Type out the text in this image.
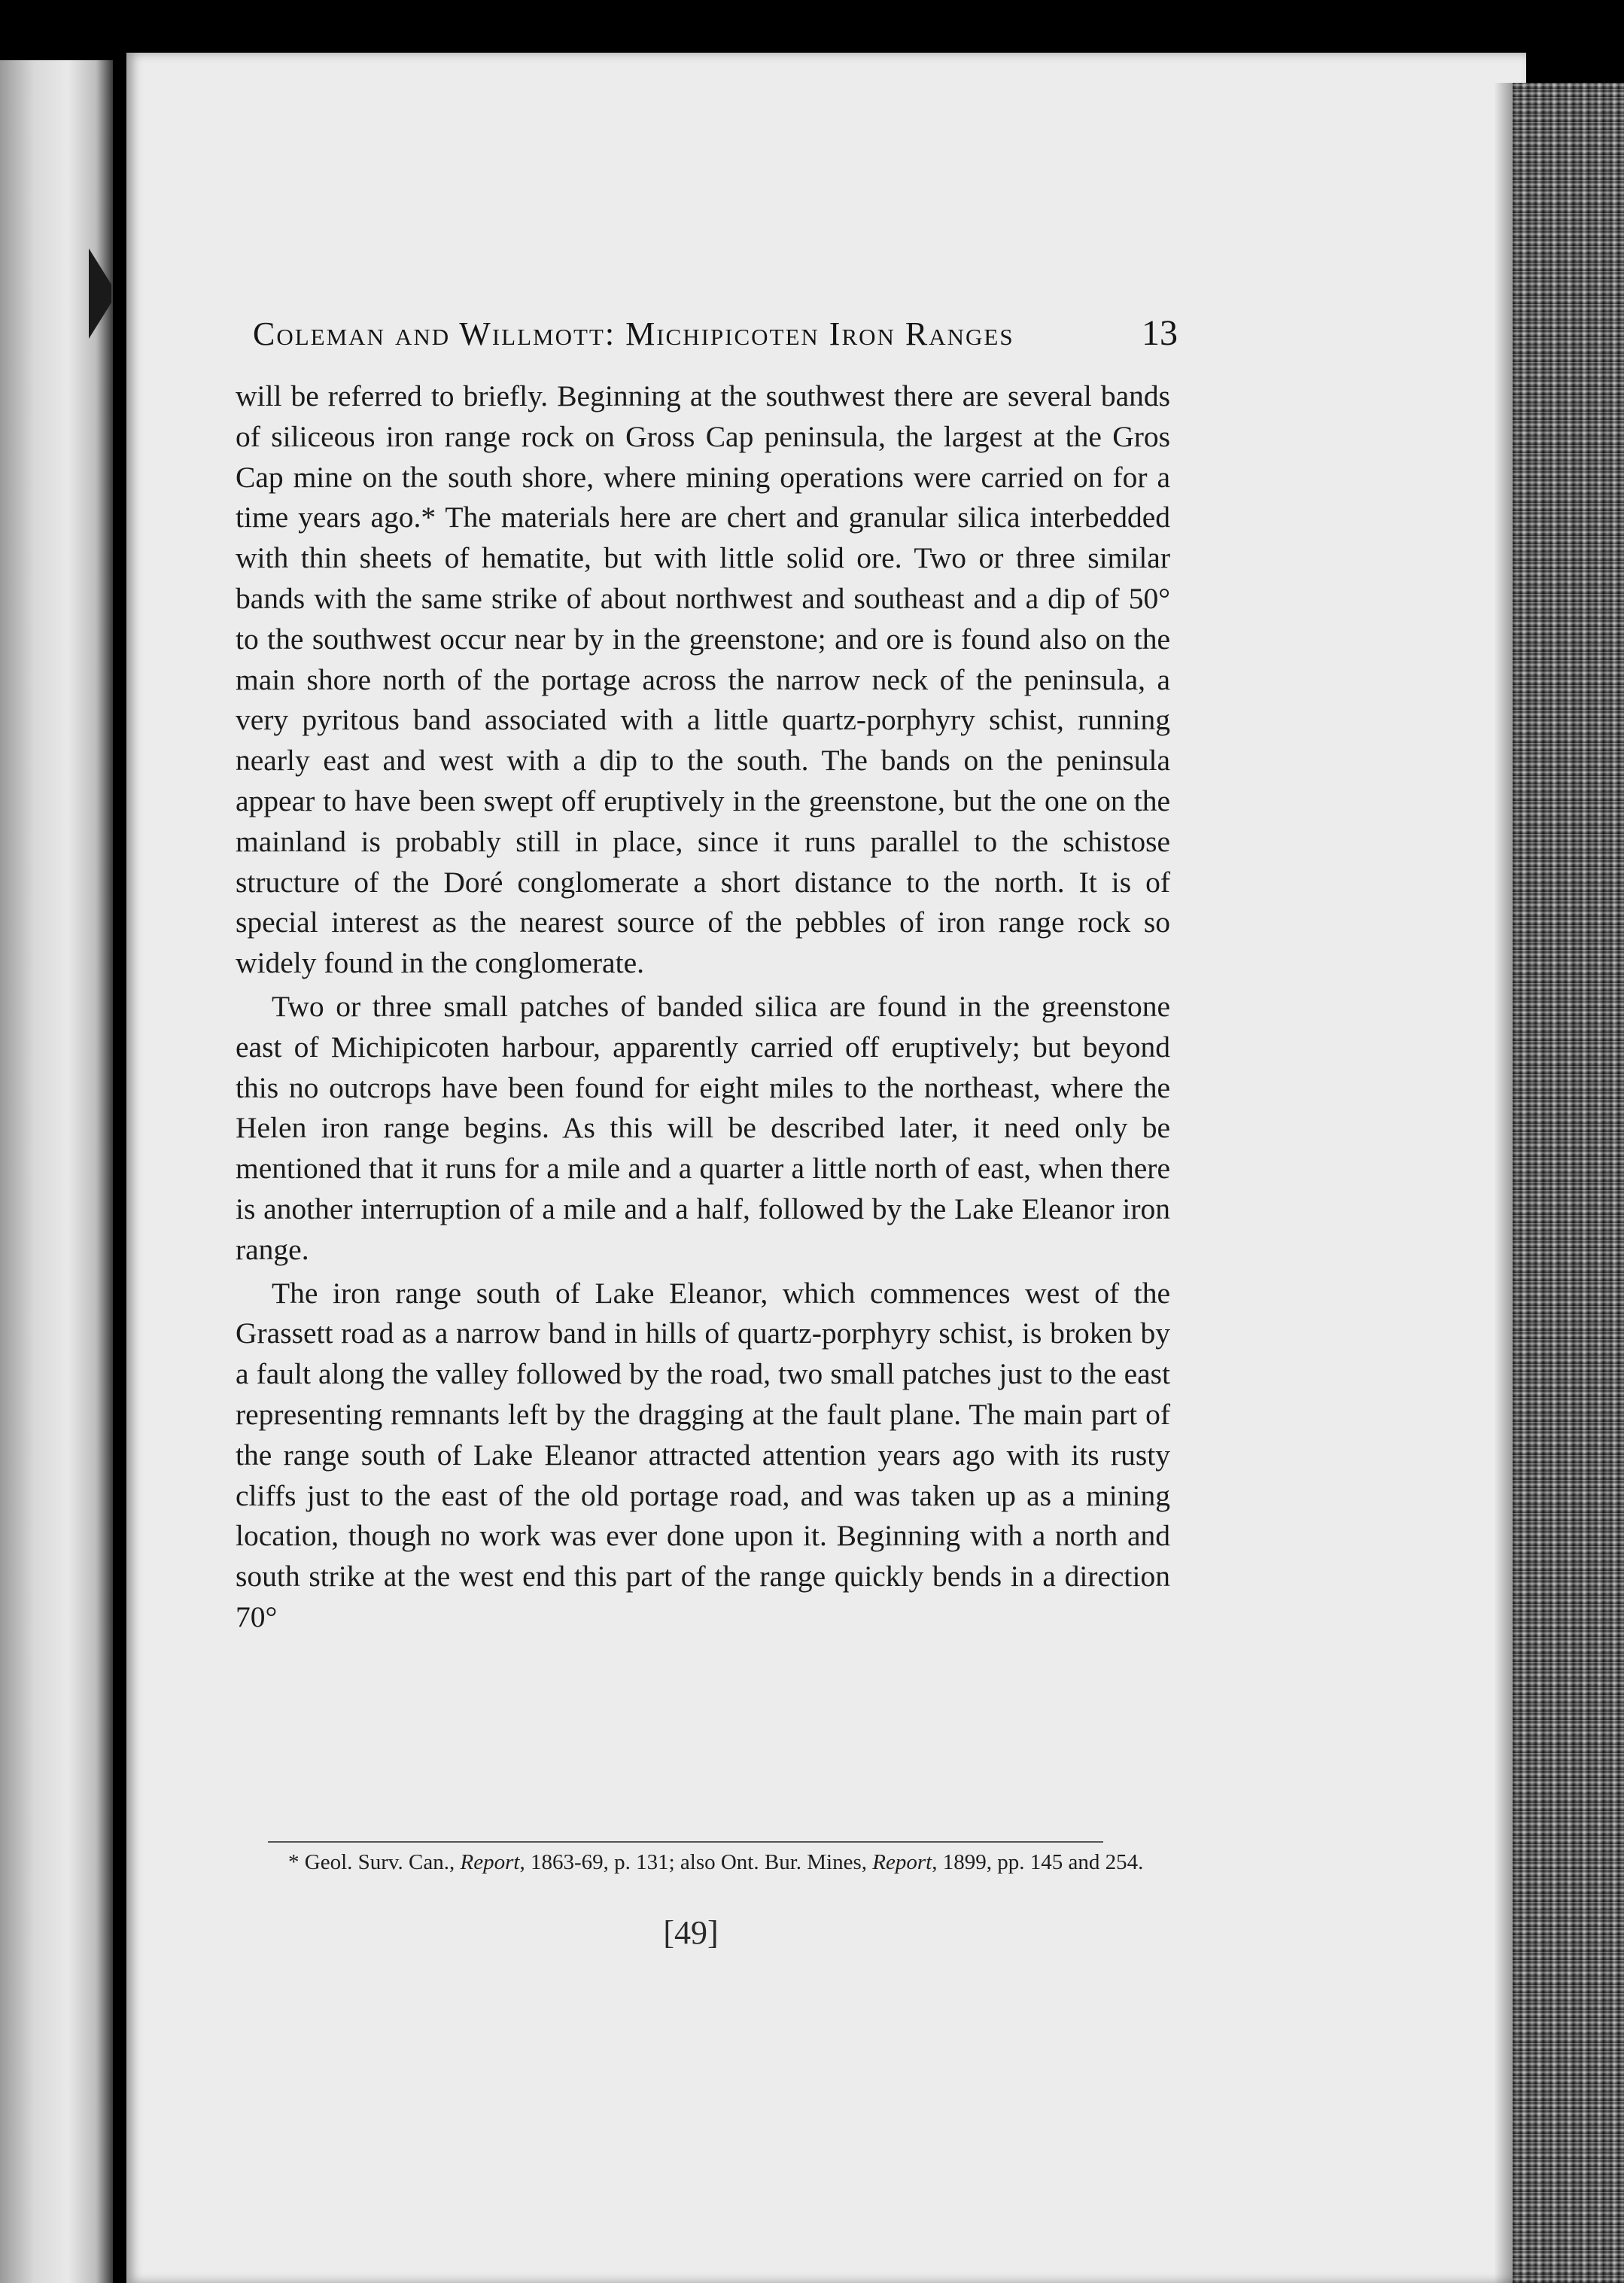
Coleman and Willmott: Michipicoten Iron Ranges	13

will be referred to briefly. Beginning at the southwest there are several bands of siliceous iron range rock on Gross Cap peninsula, the largest at the Gros Cap mine on the south shore, where mining operations were carried on for a time years ago.* The materials here are chert and granular silica interbedded with thin sheets of hematite, but with little solid ore. Two or three similar bands with the same strike of about northwest and southeast and a dip of 50° to the southwest occur near by in the greenstone; and ore is found also on the main shore north of the portage across the narrow neck of the peninsula, a very pyritous band associated with a little quartz-porphyry schist, running nearly east and west with a dip to the south. The bands on the peninsula appear to have been swept off eruptively in the greenstone, but the one on the mainland is probably still in place, since it runs parallel to the schistose structure of the Doré conglomerate a short distance to the north. It is of special interest as the nearest source of the pebbles of iron range rock so widely found in the conglomerate.

Two or three small patches of banded silica are found in the greenstone east of Michipicoten harbour, apparently carried off eruptively; but beyond this no outcrops have been found for eight miles to the northeast, where the Helen iron range begins. As this will be described later, it need only be mentioned that it runs for a mile and a quarter a little north of east, when there is another interruption of a mile and a half, followed by the Lake Eleanor iron range.

The iron range south of Lake Eleanor, which commences west of the Grassett road as a narrow band in hills of quartz-porphyry schist, is broken by a fault along the valley followed by the road, two small patches just to the east representing remnants left by the dragging at the fault plane. The main part of the range south of Lake Eleanor attracted attention years ago with its rusty cliffs just to the east of the old portage road, and was taken up as a mining location, though no work was ever done upon it. Beginning with a north and south strike at the west end this part of the range quickly bends in a direction 70°

* Geol. Surv. Can., Report, 1863-69, p. 131; also Ont. Bur. Mines, Report, 1899, pp. 145 and 254.

[49]
